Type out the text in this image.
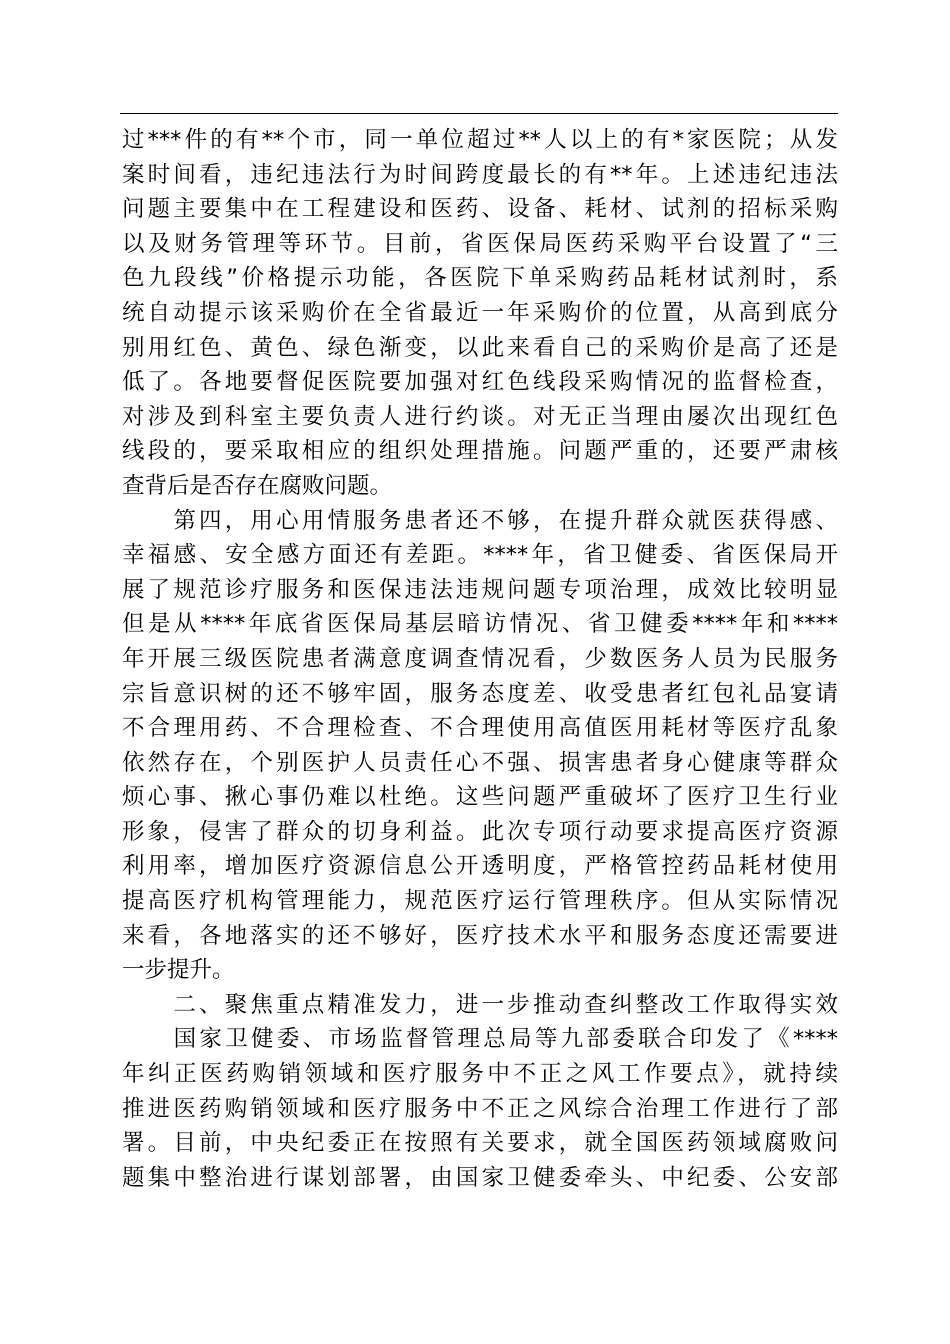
过***件的有**个市，同一单位超过**人以上的有*家医院；从发
案时间看，违纪违法行为时间跨度最长的有**年。上述违纪违法
问题主要集中在工程建设和医药、设备、耗材、试剂的招标采购
以及财务管理等环节。目前，省医保局医药采购平台设置了“三
色九段线”价格提示功能，各医院下单采购药品耗材试剂时，系
统自动提示该采购价在全省最近一年采购价的位置，从高到底分
别用红色、黄色、绿色渐变，以此来看自己的采购价是高了还是
低了。各地要督促医院要加强对红色线段采购情况的监督检查，
对涉及到科室主要负责人进行约谈。对无正当理由屡次出现红色
线段的，要采取相应的组织处理措施。问题严重的，还要严肃核
查背后是否存在腐败问题。
　　第四，用心用情服务患者还不够，在提升群众就医获得感、
幸福感、安全感方面还有差距。****年，省卫健委、省医保局开
展了规范诊疗服务和医保违法违规问题专项治理，成效比较明显
但是从****年底省医保局基层暗访情况、省卫健委****年和****
年开展三级医院患者满意度调查情况看，少数医务人员为民服务
宗旨意识树的还不够牢固，服务态度差、收受患者红包礼品宴请
不合理用药、不合理检查、不合理使用高值医用耗材等医疗乱象
依然存在，个别医护人员责任心不强、损害患者身心健康等群众
烦心事、揪心事仍难以杜绝。这些问题严重破坏了医疗卫生行业
形象，侵害了群众的切身利益。此次专项行动要求提高医疗资源
利用率，增加医疗资源信息公开透明度，严格管控药品耗材使用
提高医疗机构管理能力，规范医疗运行管理秩序。但从实际情况
来看，各地落实的还不够好，医疗技术水平和服务态度还需要进
一步提升。
　　二、聚焦重点精准发力，进一步推动查纠整改工作取得实效
　　国家卫健委、市场监督管理总局等九部委联合印发了《****
年纠正医药购销领域和医疗服务中不正之风工作要点》，就持续
推进医药购销领域和医疗服务中不正之风综合治理工作进行了部
署。目前，中央纪委正在按照有关要求，就全国医药领域腐败问
题集中整治进行谋划部署，由国家卫健委牵头、中纪委、公安部
